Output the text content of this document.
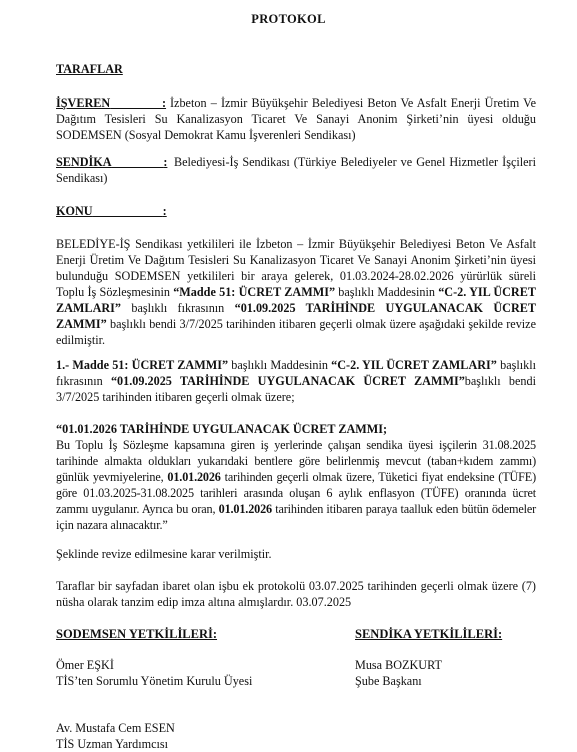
PROTOKOL
TARAFLAR

İŞVEREN	: İzbeton – İzmir Büyükşehir Belediyesi Beton Ve Asfalt Enerji Üretim Ve Dağıtım Tesisleri Su Kanalizasyon Ticaret Ve Sanayi Anonim Şirketi’nin üyesi olduğu SODEMSEN (Sosyal Demokrat Kamu İşverenleri Sendikası)

SENDİKA	: Belediyesi-İş Sendikası (Türkiye Belediyeler ve Genel Hizmetler İşçileri Sendikası)

KONU	:

BELEDİYE-İŞ Sendikası yetkilileri ile İzbeton – İzmir Büyükşehir Belediyesi Beton Ve Asfalt Enerji Üretim Ve Dağıtım Tesisleri Su Kanalizasyon Ticaret Ve Sanayi Anonim Şirketi’nin üyesi bulunduğu SODEMSEN yetkilileri bir araya gelerek, 01.03.2024-28.02.2026 yürürlük süreli Toplu İş Sözleşmesinin “Madde 51: ÜCRET ZAMMI” başlıklı Maddesinin “C-2. YIL ÜCRET ZAMLARI” başlıklı fıkrasının “01.09.2025 TARİHİNDE UYGULANACAK ÜCRET ZAMMI” başlıklı bendi 3/7/2025 tarihinden itibaren geçerli olmak üzere aşağıdaki şekilde revize edilmiştir.

1.- Madde 51: ÜCRET ZAMMI” başlıklı Maddesinin “C-2. YIL ÜCRET ZAMLARI” başlıklı fıkrasının “01.09.2025 TARİHİNDE UYGULANACAK ÜCRET ZAMMI”başlıklı bendi 3/7/2025 tarihinden itibaren geçerli olmak üzere;

“01.01.2026 TARİHİNDE UYGULANACAK ÜCRET ZAMMI;

Bu Toplu İş Sözleşme kapsamına giren iş yerlerinde çalışan sendika üyesi işçilerin 31.08.2025 tarihinde almakta oldukları yukarıdaki bentlere göre belirlenmiş mevcut (taban+kıdem zammı) günlük yevmiyelerine, 01.01.2026 tarihinden geçerli olmak üzere, Tüketici fiyat endeksine (TÜFE) göre 01.03.2025-31.08.2025 tarihleri arasında oluşan 6 aylık enflasyon (TÜFE) oranında ücret zammı uygulanır. Ayrıca bu oran, 01.01.2026 tarihinden itibaren paraya taalluk eden bütün ödemeler için nazara alınacaktır.”

Şeklinde revize edilmesine karar verilmiştir.

Taraflar bir sayfadan ibaret olan işbu ek protokolü 03.07.2025 tarihinden geçerli olmak üzere (7) nüsha olarak tanzim edip imza altına almışlardır. 03.07.2025

SODEMSEN YETKİLİLERİ:
Ömer EŞKİ
TİS’ten Sorumlu Yönetim Kurulu Üyesi
SENDİKA YETKİLİLERİ:
Musa BOZKURT
Şube Başkanı
Av. Mustafa Cem ESEN
TİS Uzman Yardımcısı
